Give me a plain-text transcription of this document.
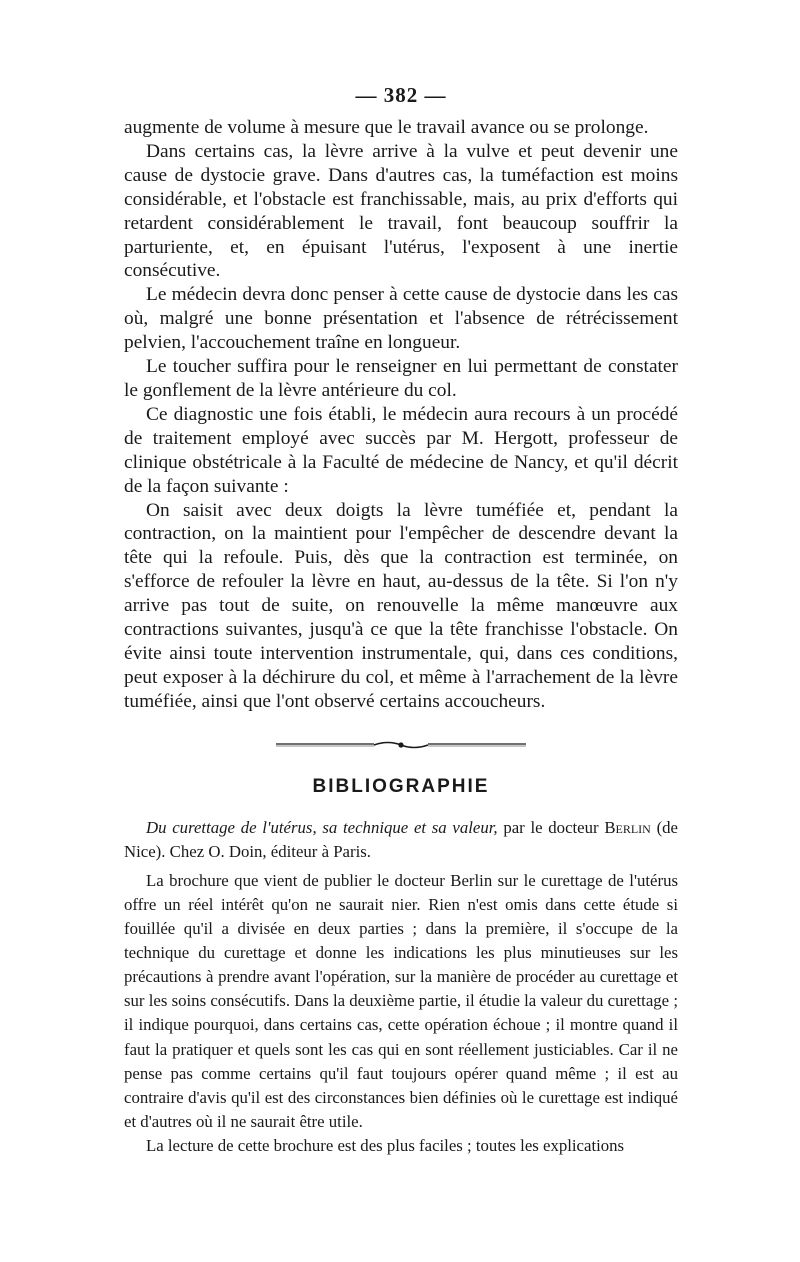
— 382 —

augmente de volume à mesure que le travail avance ou se prolonge.

Dans certains cas, la lèvre arrive à la vulve et peut devenir une cause de dystocie grave. Dans d'autres cas, la tuméfaction est moins considérable, et l'obstacle est franchissable, mais, au prix d'efforts qui retardent considérablement le travail, font beaucoup souffrir la parturiente, et, en épuisant l'utérus, l'exposent à une inertie consécutive.

Le médecin devra donc penser à cette cause de dystocie dans les cas où, malgré une bonne présentation et l'absence de rétrécissement pelvien, l'accouchement traîne en longueur.

Le toucher suffira pour le renseigner en lui permettant de constater le gonflement de la lèvre antérieure du col.

Ce diagnostic une fois établi, le médecin aura recours à un procédé de traitement employé avec succès par M. Hergott, professeur de clinique obstétricale à la Faculté de médecine de Nancy, et qu'il décrit de la façon suivante :

On saisit avec deux doigts la lèvre tuméfiée et, pendant la contraction, on la maintient pour l'empêcher de descendre devant la tête qui la refoule. Puis, dès que la contraction est terminée, on s'efforce de refouler la lèvre en haut, au-dessus de la tête. Si l'on n'y arrive pas tout de suite, on renouvelle la même manœuvre aux contractions suivantes, jusqu'à ce que la tête franchisse l'obstacle. On évite ainsi toute intervention instrumentale, qui, dans ces conditions, peut exposer à la déchirure du col, et même à l'arrachement de la lèvre tuméfiée, ainsi que l'ont observé certains accoucheurs.

BIBLIOGRAPHIE

Du curettage de l'utérus, sa technique et sa valeur, par le docteur Berlin (de Nice). Chez O. Doin, éditeur à Paris.

La brochure que vient de publier le docteur Berlin sur le curettage de l'utérus offre un réel intérêt qu'on ne saurait nier. Rien n'est omis dans cette étude si fouillée qu'il a divisée en deux parties ; dans la première, il s'occupe de la technique du curettage et donne les indications les plus minutieuses sur les précautions à prendre avant l'opération, sur la manière de procéder au curettage et sur les soins consécutifs. Dans la deuxième partie, il étudie la valeur du curettage ; il indique pourquoi, dans certains cas, cette opération échoue ; il montre quand il faut la pratiquer et quels sont les cas qui en sont réellement justiciables. Car il ne pense pas comme certains qu'il faut toujours opérer quand même ; il est au contraire d'avis qu'il est des circonstances bien définies où le curettage est indiqué et d'autres où il ne saurait être utile.

La lecture de cette brochure est des plus faciles ; toutes les explications
